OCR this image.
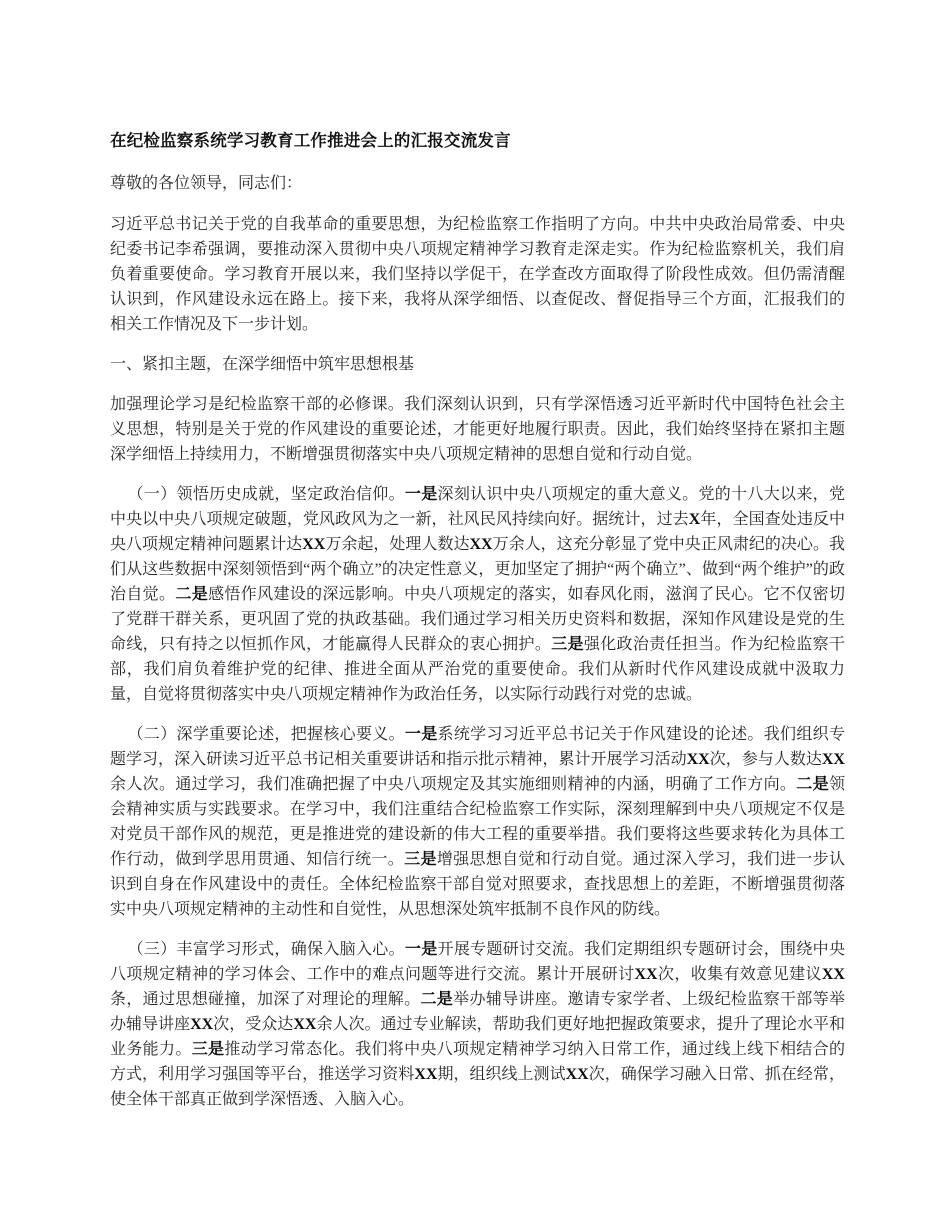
在纪检监察系统学习教育工作推进会上的汇报交流发言

尊敬的各位领导，同志们：

习近平总书记关于党的自我革命的重要思想，为纪检监察工作指明了方向。中共中央政治局常委、中央纪委书记李希强调，要推动深入贯彻中央八项规定精神学习教育走深走实。作为纪检监察机关，我们肩负着重要使命。学习教育开展以来，我们坚持以学促干，在学查改方面取得了阶段性成效。但仍需清醒认识到，作风建设永远在路上。接下来，我将从深学细悟、以查促改、督促指导三个方面，汇报我们的相关工作情况及下一步计划。

一、紧扣主题，在深学细悟中筑牢思想根基

加强理论学习是纪检监察干部的必修课。我们深刻认识到，只有学深悟透习近平新时代中国特色社会主义思想，特别是关于党的作风建设的重要论述，才能更好地履行职责。因此，我们始终坚持在紧扣主题深学细悟上持续用力，不断增强贯彻落实中央八项规定精神的思想自觉和行动自觉。

（一）领悟历史成就，坚定政治信仰。一是深刻认识中央八项规定的重大意义。党的十八大以来，党中央以中央八项规定破题，党风政风为之一新，社风民风持续向好。据统计，过去X年，全国查处违反中央八项规定精神问题累计达XX万余起，处理人数达XX万余人，这充分彰显了党中央正风肃纪的决心。我们从这些数据中深刻领悟到“两个确立”的决定性意义，更加坚定了拥护“两个确立”、做到“两个维护”的政治自觉。二是感悟作风建设的深远影响。中央八项规定的落实，如春风化雨，滋润了民心。它不仅密切了党群干群关系，更巩固了党的执政基础。我们通过学习相关历史资料和数据，深知作风建设是党的生命线，只有持之以恒抓作风，才能赢得人民群众的衷心拥护。三是强化政治责任担当。作为纪检监察干部，我们肩负着维护党的纪律、推进全面从严治党的重要使命。我们从新时代作风建设成就中汲取力量，自觉将贯彻落实中央八项规定精神作为政治任务，以实际行动践行对党的忠诚。

（二）深学重要论述，把握核心要义。一是系统学习习近平总书记关于作风建设的论述。我们组织专题学习，深入研读习近平总书记相关重要讲话和指示批示精神，累计开展学习活动XX次，参与人数达XX余人次。通过学习，我们准确把握了中央八项规定及其实施细则精神的内涵，明确了工作方向。二是领会精神实质与实践要求。在学习中，我们注重结合纪检监察工作实际，深刻理解到中央八项规定不仅是对党员干部作风的规范，更是推进党的建设新的伟大工程的重要举措。我们要将这些要求转化为具体工作行动，做到学思用贯通、知信行统一。三是增强思想自觉和行动自觉。通过深入学习，我们进一步认识到自身在作风建设中的责任。全体纪检监察干部自觉对照要求，查找思想上的差距，不断增强贯彻落实中央八项规定精神的主动性和自觉性，从思想深处筑牢抵制不良作风的防线。

（三）丰富学习形式，确保入脑入心。一是开展专题研讨交流。我们定期组织专题研讨会，围绕中央八项规定精神的学习体会、工作中的难点问题等进行交流。累计开展研讨XX次，收集有效意见建议XX条，通过思想碰撞，加深了对理论的理解。二是举办辅导讲座。邀请专家学者、上级纪检监察干部等举办辅导讲座XX次，受众达XX余人次。通过专业解读，帮助我们更好地把握政策要求，提升了理论水平和业务能力。三是推动学习常态化。我们将中央八项规定精神学习纳入日常工作，通过线上线下相结合的方式，利用学习强国等平台，推送学习资料XX期，组织线上测试XX次，确保学习融入日常、抓在经常，使全体干部真正做到学深悟透、入脑入心。
